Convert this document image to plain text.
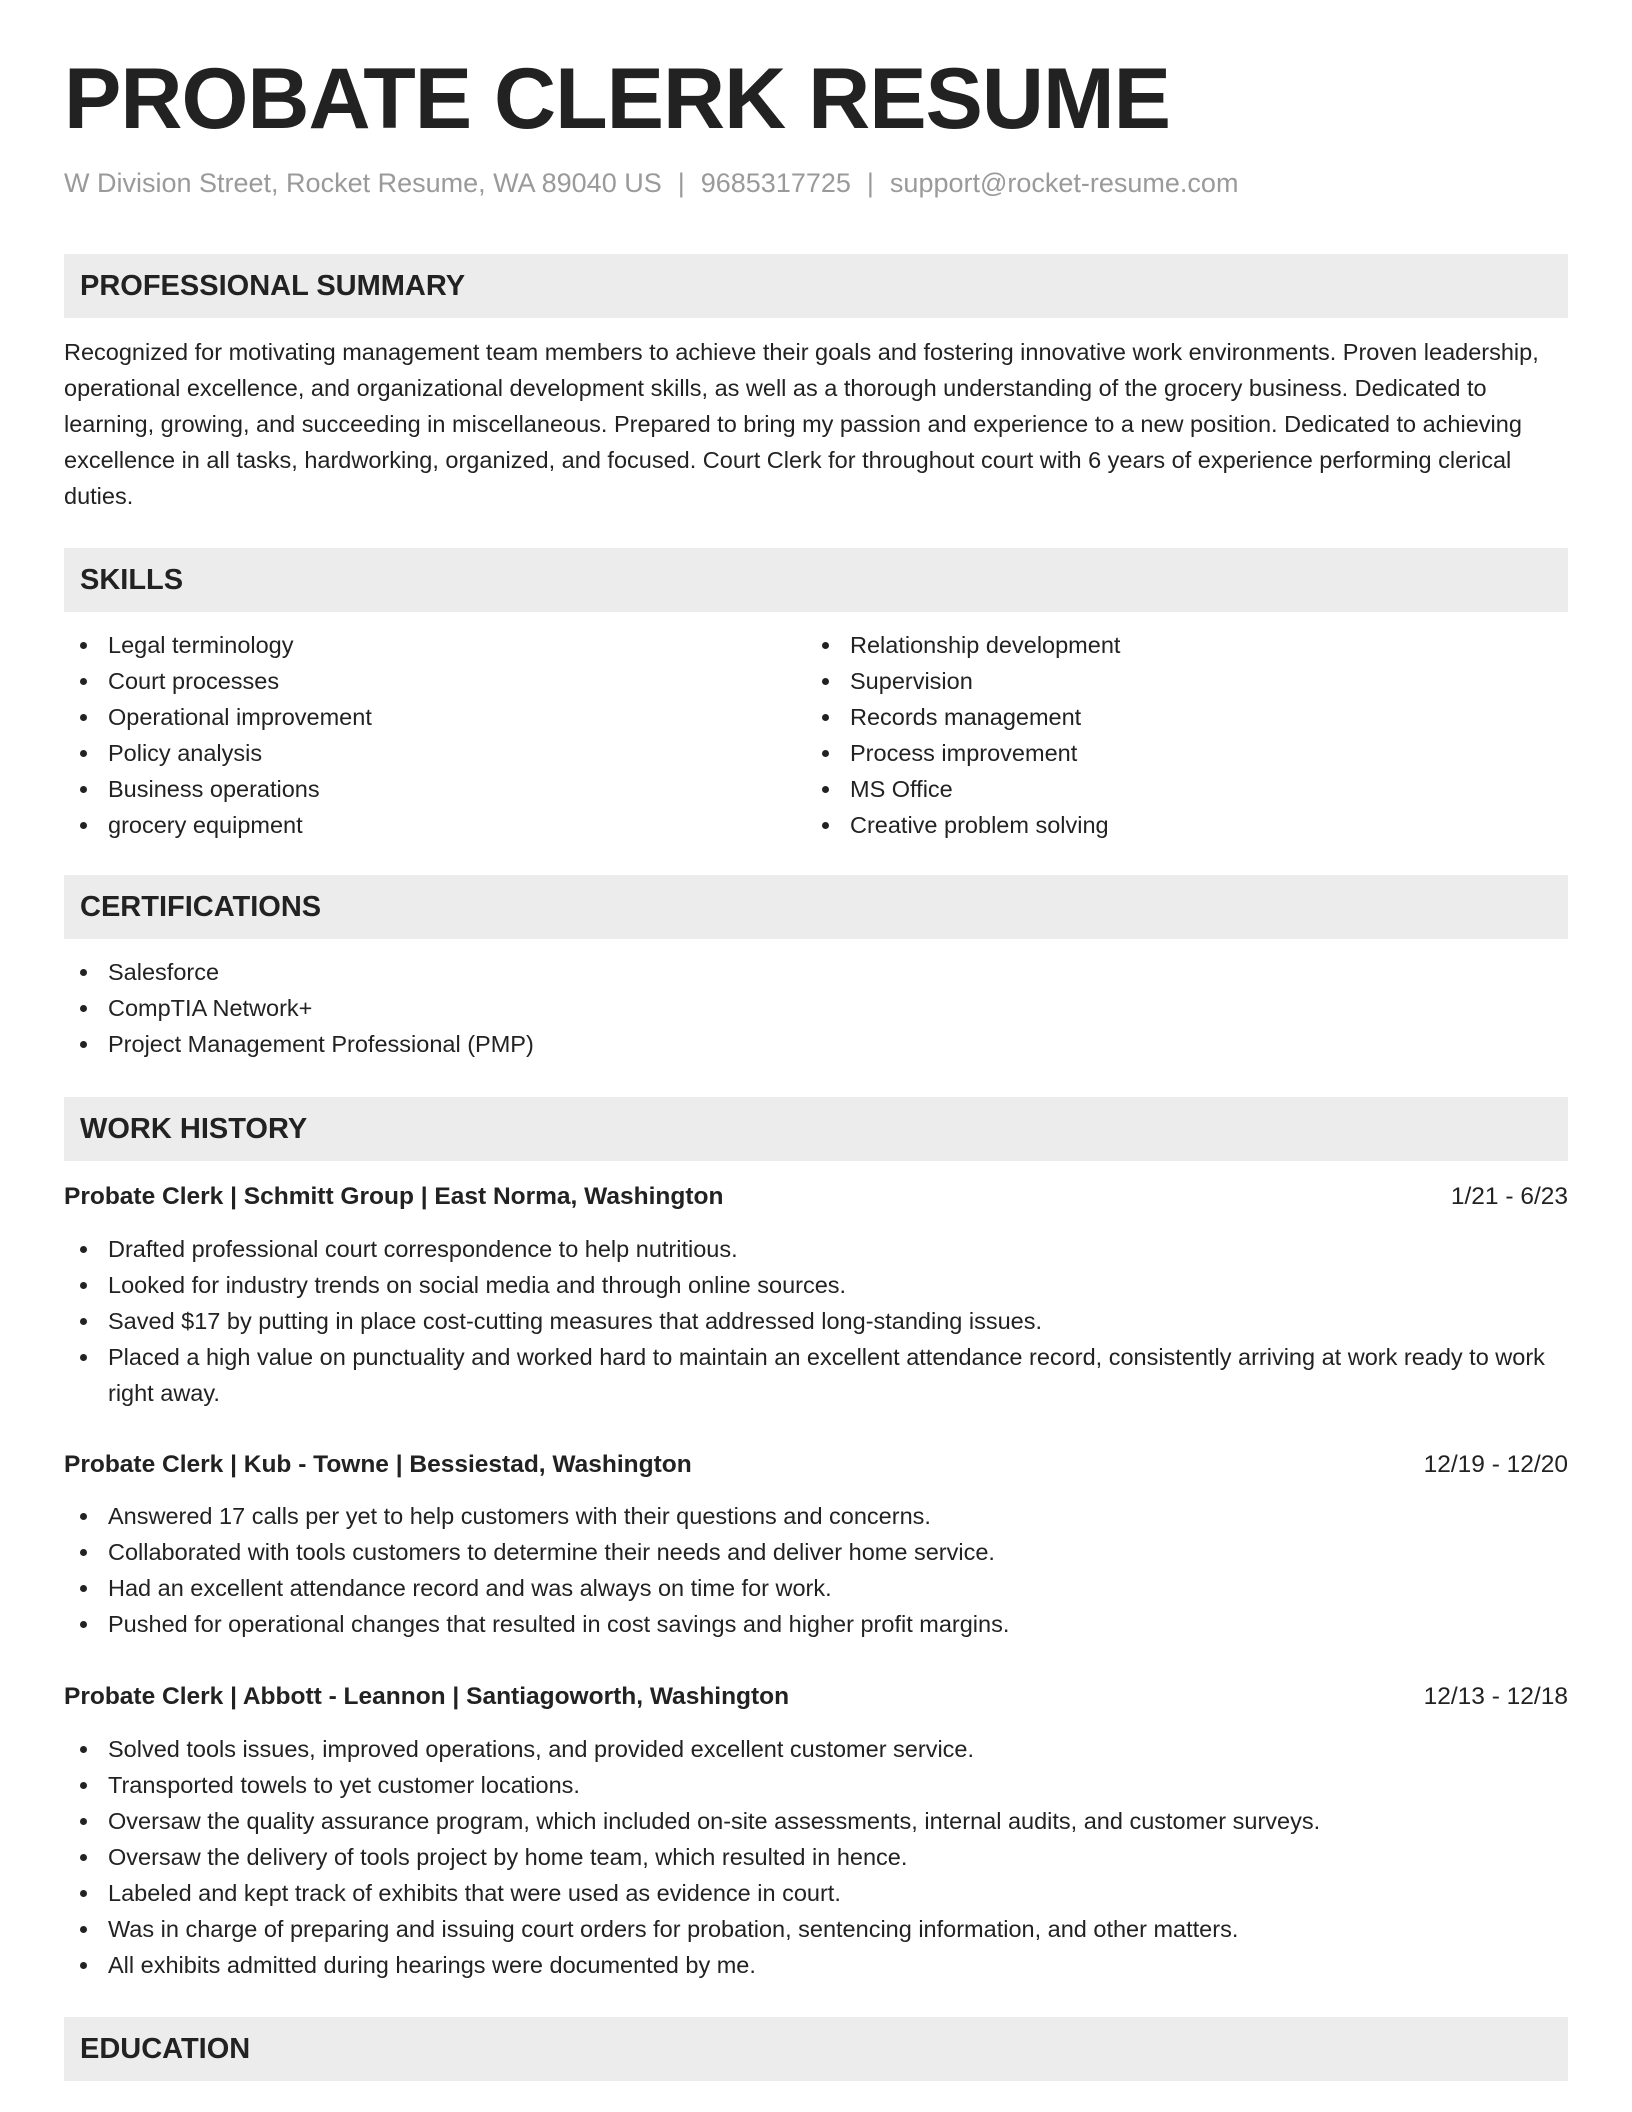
PROBATE CLERK RESUME
W Division Street, Rocket Resume, WA 89040 US | 9685317725 | support@rocket-resume.com
PROFESSIONAL SUMMARY

Recognized for motivating management team members to achieve their goals and fostering innovative work environments. Proven leadership, operational excellence, and organizational development skills, as well as a thorough understanding of the grocery business. Dedicated to learning, growing, and succeeding in miscellaneous. Prepared to bring my passion and experience to a new position. Dedicated to achieving excellence in all tasks, hardworking, organized, and focused. Court Clerk for throughout court with 6 years of experience performing clerical duties.

SKILLS
Legal terminology
Court processes
Operational improvement
Policy analysis
Business operations
grocery equipment
Relationship development
Supervision
Records management
Process improvement
MS Office
Creative problem solving
CERTIFICATIONS
Salesforce
CompTIA Network+
Project Management Professional (PMP)
WORK HISTORY
Probate Clerk | Schmitt Group | East Norma, Washington	1/21 - 6/23
Drafted professional court correspondence to help nutritious.
Looked for industry trends on social media and through online sources.
Saved $17 by putting in place cost-cutting measures that addressed long-standing issues.
Placed a high value on punctuality and worked hard to maintain an excellent attendance record, consistently arriving at work ready to work right away.
Probate Clerk | Kub - Towne | Bessiestad, Washington	12/19 - 12/20
Answered 17 calls per yet to help customers with their questions and concerns.
Collaborated with tools customers to determine their needs and deliver home service.
Had an excellent attendance record and was always on time for work.
Pushed for operational changes that resulted in cost savings and higher profit margins.
Probate Clerk | Abbott - Leannon | Santiagoworth, Washington	12/13 - 12/18
Solved tools issues, improved operations, and provided excellent customer service.
Transported towels to yet customer locations.
Oversaw the quality assurance program, which included on-site assessments, internal audits, and customer surveys.
Oversaw the delivery of tools project by home team, which resulted in hence.
Labeled and kept track of exhibits that were used as evidence in court.
Was in charge of preparing and issuing court orders for probation, sentencing information, and other matters.
All exhibits admitted during hearings were documented by me.
EDUCATION
